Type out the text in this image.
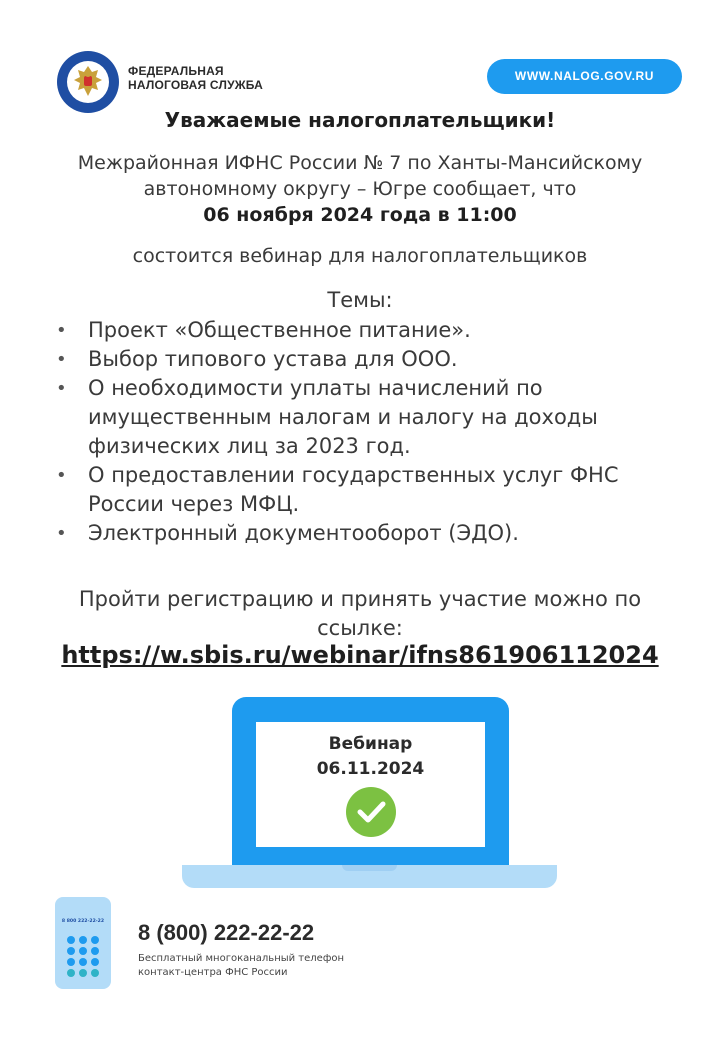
ФЕДЕРАЛЬНАЯ
НАЛОГОВАЯ СЛУЖБА
WWW.NALOG.GOV.RU
Уважаемые налогоплательщики!
Межрайонная ИФНС России № 7 по Ханты-Мансийскому
автономному округу – Югре сообщает, что
06 ноября 2024 года в 11:00
состоится вебинар для налогоплательщиков
Темы:
• Проект «Общественное питание».
• Выбор типового устава для ООО.
• О необходимости уплаты начислений по имущественным налогам и налогу на доходы физических лиц за 2023 год.
• О предоставлении государственных услуг ФНС России через МФЦ.
• Электронный документооборот (ЭДО).
Пройти регистрацию и принять участие можно по
ссылке:
https://w.sbis.ru/webinar/ifns861906112024
Вебинар
06.11.2024
8 800 222-22-22 8 (800) 222-22-22
Бесплатный многоканальный телефон
контакт-центра ФНС России
